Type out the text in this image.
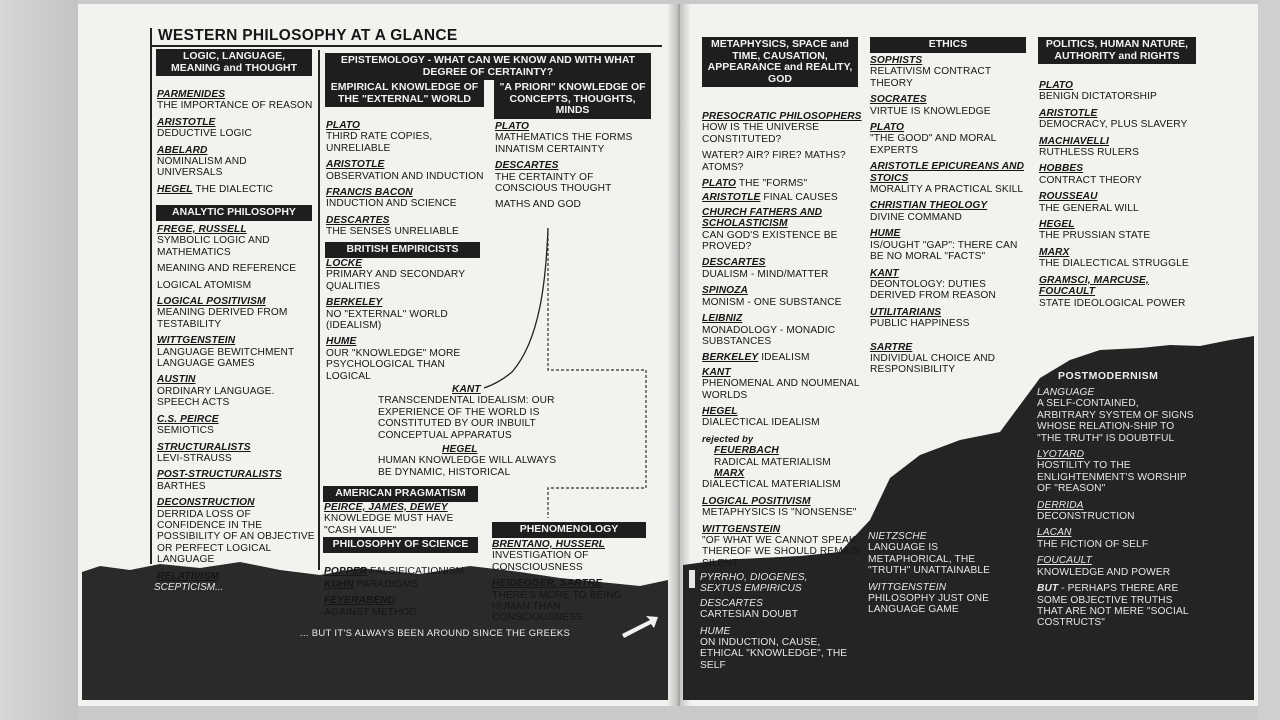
WESTERN PHILOSOPHY AT A GLANCE
LOGIC, LANGUAGE, MEANING and THOUGHT
PARMENIDES
THE IMPORTANCE OF REASON
ARISTOTLE
DEDUCTIVE LOGIC
ABELARD
NOMINALISM AND UNIVERSALS
HEGEL THE DIALECTIC
ANALYTIC PHILOSOPHY
FREGE, RUSSELL
SYMBOLIC LOGIC AND MATHEMATICS
MEANING AND REFERENCE
LOGICAL ATOMISM
LOGICAL POSITIVISM
MEANING DERIVED FROM TESTABILITY
WITTGENSTEIN
LANGUAGE BEWITCHMENT LANGUAGE GAMES
AUSTIN
ORDINARY LANGUAGE. SPEECH ACTS
C.S. PEIRCE
SEMIOTICS
STRUCTURALISTS
LEVI-STRAUSS
POST-STRUCTURALISTS
BARTHES
DECONSTRUCTION
DERRIDA LOSS OF CONFIDENCE IN THE POSSIBILITY OF AN OBJECTIVE OR PERFECT LOGICAL LANGUAGE
RELATIVISM
SCEPTICISM...
... BUT IT'S ALWAYS BEEN AROUND SINCE THE GREEKS
EPISTEMOLOGY - WHAT CAN WE KNOW AND WITH WHAT DEGREE OF CERTAINTY?
EMPIRICAL KNOWLEDGE OF THE "EXTERNAL" WORLD
PLATO
THIRD RATE COPIES, UNRELIABLE
ARISTOTLE
OBSERVATION AND INDUCTION
FRANCIS BACON
INDUCTION AND SCIENCE
DESCARTES
THE SENSES UNRELIABLE
"A PRIORI" KNOWLEDGE OF CONCEPTS, THOUGHTS, MINDS
PLATO
MATHEMATICS THE FORMS INNATISM CERTAINTY
DESCARTES
THE CERTAINTY OF CONSCIOUS THOUGHT
MATHS AND GOD
BRITISH EMPIRICISTS
LOCKE
PRIMARY AND SECONDARY QUALITIES
BERKELEY
NO "EXTERNAL" WORLD (IDEALISM)
HUME
OUR "KNOWLEDGE" MORE PSYCHOLOGICAL THAN LOGICAL
KANT
TRANSCENDENTAL IDEALISM: OUR EXPERIENCE OF THE WORLD IS CONSTITUTED BY OUR INBUILT CONCEPTUAL APPARATUS
HEGEL
HUMAN KNOWLEDGE WILL ALWAYS BE DYNAMIC, HISTORICAL
AMERICAN PRAGMATISM
PEIRCE, JAMES, DEWEY
KNOWLEDGE MUST HAVE "CASH VALUE"
PHILOSOPHY OF SCIENCE
POPPER FALSIFICATIONISM
KUHN PARADIGMS
FEYERABEND
AGAINST METHOD
PHENOMENOLOGY
BRENTANO, HUSSERL
INVESTIGATION OF CONSCIOUSNESS
HEIDEGGER, SARTRE
THERE'S MORE TO BEING HUMAN THAN CONSCIOUSNESS
METAPHYSICS, SPACE and TIME, CAUSATION, APPEARANCE and REALITY, GOD
PRESOCRATIC PHILOSOPHERS
HOW IS THE UNIVERSE CONSTITUTED?
WATER? AIR? FIRE? MATHS? ATOMS?
PLATO THE "FORMS"
ARISTOTLE FINAL CAUSES
CHURCH FATHERS AND SCHOLASTICISM
CAN GOD'S EXISTENCE BE PROVED?
DESCARTES
DUALISM - MIND/MATTER
SPINOZA
MONISM - ONE SUBSTANCE
LEIBNIZ
MONADOLOGY - MONADIC SUBSTANCES
BERKELEY IDEALISM
KANT
PHENOMENAL AND NOUMENAL WORLDS
HEGEL
DIALECTICAL IDEALISM
rejected by
FEUERBACH
RADICAL MATERIALISM
MARX
DIALECTICAL MATERIALISM
LOGICAL POSITIVISM
METAPHYSICS IS "NONSENSE"
WITTGENSTEIN
"OF WHAT WE CANNOT SPEAK, THEREOF WE SHOULD REMAIN SILENT"
ETHICS
SOPHISTS
RELATIVISM CONTRACT THEORY
SOCRATES
VIRTUE IS KNOWLEDGE
PLATO
"THE GOOD" AND MORAL EXPERTS
ARISTOTLE EPICUREANS AND STOICS
MORALITY A PRACTICAL SKILL
CHRISTIAN THEOLOGY
DIVINE COMMAND
HUME
IS/OUGHT "GAP": THERE CAN BE NO MORAL "FACTS"
KANT
DEONTOLOGY: DUTIES DERIVED FROM REASON
UTILITARIANS
PUBLIC HAPPINESS
SARTRE
INDIVIDUAL CHOICE AND RESPONSIBILITY
POLITICS, HUMAN NATURE, AUTHORITY and RIGHTS
PLATO
BENIGN DICTATORSHIP
ARISTOTLE
DEMOCRACY, PLUS SLAVERY
MACHIAVELLI
RUTHLESS RULERS
HOBBES
CONTRACT THEORY
ROUSSEAU
THE GENERAL WILL
HEGEL
THE PRUSSIAN STATE
MARX
THE DIALECTICAL STRUGGLE
GRAMSCI, MARCUSE, FOUCAULT
STATE IDEOLOGICAL POWER
POSTMODERNISM
LANGUAGE
A SELF-CONTAINED, ARBITRARY SYSTEM OF SIGNS WHOSE RELATION-SHIP TO "THE TRUTH" IS DOUBTFUL
LYOTARD
HOSTILITY TO THE ENLIGHTENMENT'S WORSHIP OF "REASON"
DERRIDA
DECONSTRUCTION
LACAN
THE FICTION OF SELF
FOUCAULT
KNOWLEDGE AND POWER
BUT - PERHAPS THERE ARE SOME OBJECTIVE TRUTHS THAT ARE NOT MERE "SOCIAL COSTRUCTS"
NIETZSCHE
LANGUAGE IS METAPHORICAL, THE "TRUTH" UNATTAINABLE
WITTGENSTEIN
PHILOSOPHY JUST ONE LANGUAGE GAME
PYRRHO, DIOGENES, SEXTUS EMPIRICUS
DESCARTES
CARTESIAN DOUBT
HUME
ON INDUCTION, CAUSE, ETHICAL "KNOWLEDGE", THE SELF
